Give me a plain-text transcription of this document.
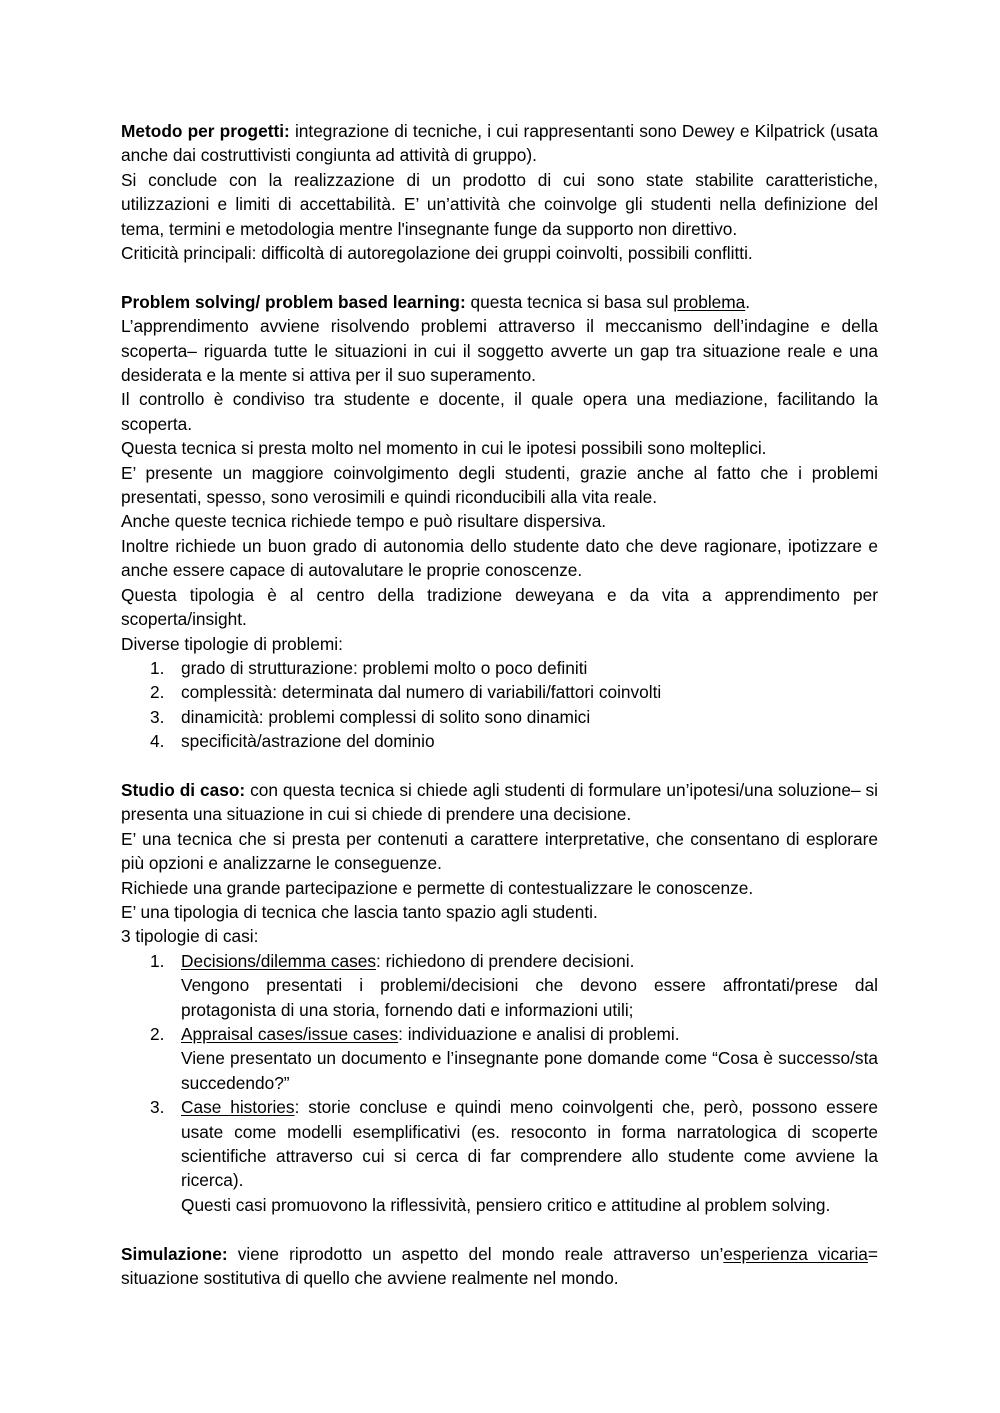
Metodo per progetti: integrazione di tecniche, i cui rappresentanti sono Dewey e Kilpatrick (usata anche dai costruttivisti congiunta ad attività di gruppo).

Si conclude con la realizzazione di un prodotto di cui sono state stabilite caratteristiche, utilizzazioni e limiti di accettabilità. E’ un’attività che coinvolge gli studenti nella definizione del tema, termini e metodologia mentre l'insegnante funge da supporto non direttivo.

Criticità principali: difficoltà di autoregolazione dei gruppi coinvolti, possibili conflitti.

Problem solving/ problem based learning: questa tecnica si basa sul problema.

L’apprendimento avviene risolvendo problemi attraverso il meccanismo dell’indagine e della scoperta– riguarda tutte le situazioni in cui il soggetto avverte un gap tra situazione reale e una desiderata e la mente si attiva per il suo superamento.

Il controllo è condiviso tra studente e docente, il quale opera una mediazione, facilitando la scoperta.

Questa tecnica si presta molto nel momento in cui le ipotesi possibili sono molteplici.

E’ presente un maggiore coinvolgimento degli studenti, grazie anche al fatto che i problemi presentati, spesso, sono verosimili e quindi riconducibili alla vita reale.

Anche queste tecnica richiede tempo e può risultare dispersiva.

Inoltre richiede un buon grado di autonomia dello studente dato che deve ragionare, ipotizzare e anche essere capace di autovalutare le proprie conoscenze.

Questa tipologia è al centro della tradizione deweyana e da vita a apprendimento per scoperta/insight.

Diverse tipologie di problemi:

1. grado di strutturazione: problemi molto o poco definiti
2. complessità: determinata dal numero di variabili/fattori coinvolti
3. dinamicità: problemi complessi di solito sono dinamici
4. specificità/astrazione del dominio

Studio di caso: con questa tecnica si chiede agli studenti di formulare un’ipotesi/una soluzione– si presenta una situazione in cui si chiede di prendere una decisione.

E’ una tecnica che si presta per contenuti a carattere interpretative, che consentano di esplorare più opzioni e analizzarne le conseguenze.

Richiede una grande partecipazione e permette di contestualizzare le conoscenze.

E’ una tipologia di tecnica che lascia tanto spazio agli studenti.

3 tipologie di casi:

1. Decisions/dilemma cases: richiedono di prendere decisioni.
Vengono presentati i problemi/decisioni che devono essere affrontati/prese dal protagonista di una storia, fornendo dati e informazioni utili;
2. Appraisal cases/issue cases: individuazione e analisi di problemi.
Viene presentato un documento e l’insegnante pone domande come “Cosa è successo/sta succedendo?”
3. Case histories: storie concluse e quindi meno coinvolgenti che, però, possono essere usate come modelli esemplificativi (es. resoconto in forma narratologica di scoperte scientifiche attraverso cui si cerca di far comprendere allo studente come avviene la ricerca).
Questi casi promuovono la riflessività, pensiero critico e attitudine al problem solving.

Simulazione: viene riprodotto un aspetto del mondo reale attraverso un’esperienza vicaria= situazione sostitutiva di quello che avviene realmente nel mondo.
